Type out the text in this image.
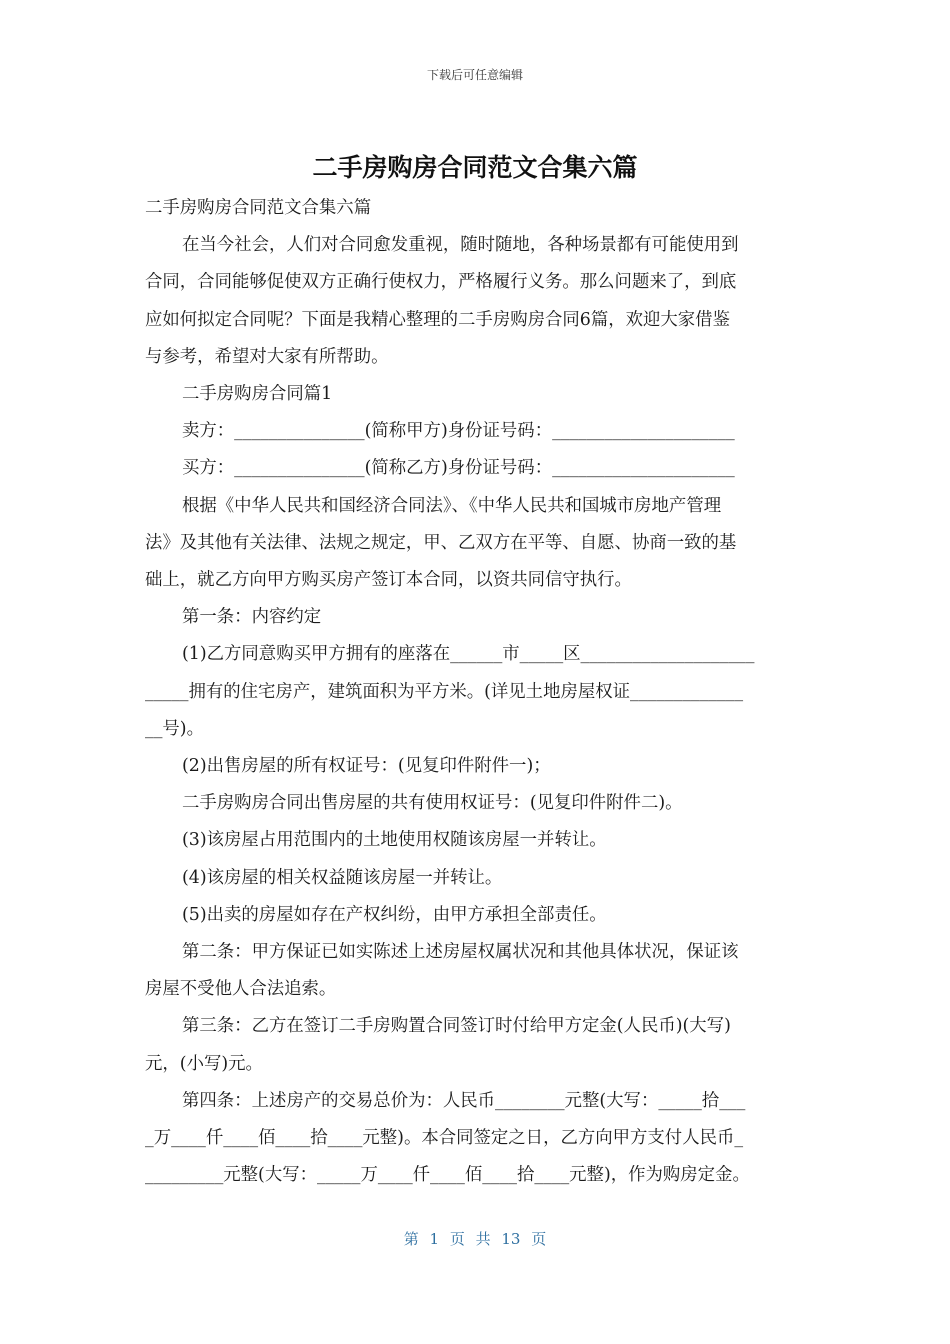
下载后可任意编辑
二手房购房合同范文合集六篇

二手房购房合同范文合集六篇

在当今社会，人们对合同愈发重视，随时随地，各种场景都有可能使用到

合同，合同能够促使双方正确行使权力，严格履行义务。那么问题来了，到底

应如何拟定合同呢？下面是我精心整理的二手房购房合同6篇，欢迎大家借鉴

与参考，希望对大家有所帮助。

二手房购房合同篇1

卖方：_______________(简称甲方)身份证号码：_____________________

买方：_______________(简称乙方)身份证号码：_____________________

根据《中华人民共和国经济合同法》、《中华人民共和国城市房地产管理

法》及其他有关法律、法规之规定，甲、乙双方在平等、自愿、协商一致的基

础上，就乙方向甲方购买房产签订本合同，以资共同信守执行。

第一条：内容约定

(1)乙方同意购买甲方拥有的座落在______市_____区____________________

_____拥有的住宅房产，建筑面积为平方米。(详见土地房屋权证_____________

__号)。

(2)出售房屋的所有权证号：(见复印件附件一)；

二手房购房合同出售房屋的共有使用权证号：(见复印件附件二)。

(3)该房屋占用范围内的土地使用权随该房屋一并转让。

(4)该房屋的相关权益随该房屋一并转让。

(5)出卖的房屋如存在产权纠纷，由甲方承担全部责任。

第二条：甲方保证已如实陈述上述房屋权属状况和其他具体状况，保证该

房屋不受他人合法追索。

第三条：乙方在签订二手房购置合同签订时付给甲方定金(人民币)(大写)

元，(小写)元。

第四条：上述房产的交易总价为：人民币________元整(大写：_____拾___

_万____仟____佰____拾____元整)。本合同签定之日，乙方向甲方支付人民币_

_________元整(大写：_____万____仟____佰____拾____元整)，作为购房定金。

第 1 页 共 13 页
